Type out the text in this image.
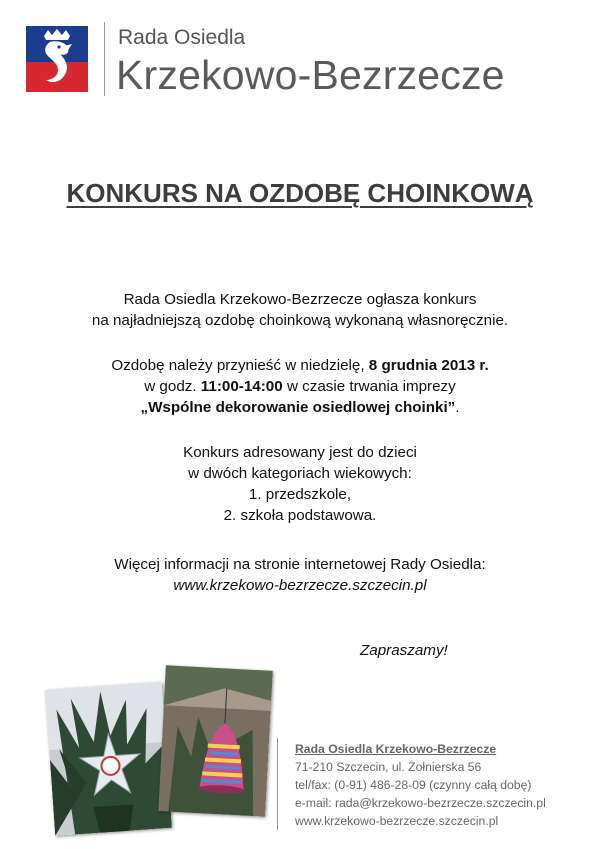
Rada Osiedla
Krzekowo-Bezrzecze
KONKURS NA OZDOBĘ CHOINKOWĄ
Rada Osiedla Krzekowo-Bezrzecze ogłasza konkurs
na najładniejszą ozdobę choinkową wykonaną własnoręcznie.
Ozdobę należy przynieść w niedzielę, 8 grudnia 2013 r.
w godz. 11:00-14:00 w czasie trwania imprezy
„Wspólne dekorowanie osiedlowej choinki”.
Konkurs adresowany jest do dzieci
w dwóch kategoriach wiekowych:
1. przedszkole,
2. szkoła podstawowa.
Więcej informacji na stronie internetowej Rady Osiedla:
www.krzekowo-bezrzecze.szczecin.pl
Zapraszamy!
Rada Osiedla Krzekowo-Bezrzecze
71-210 Szczecin, ul. Żołnierska 56
tel/fax: (0-91) 486-28-09 (czynny całą dobę)
e-mail: rada@krzekowo-bezrzecze.szczecin.pl
www.krzekowo-bezrzecze.szczecin.pl
